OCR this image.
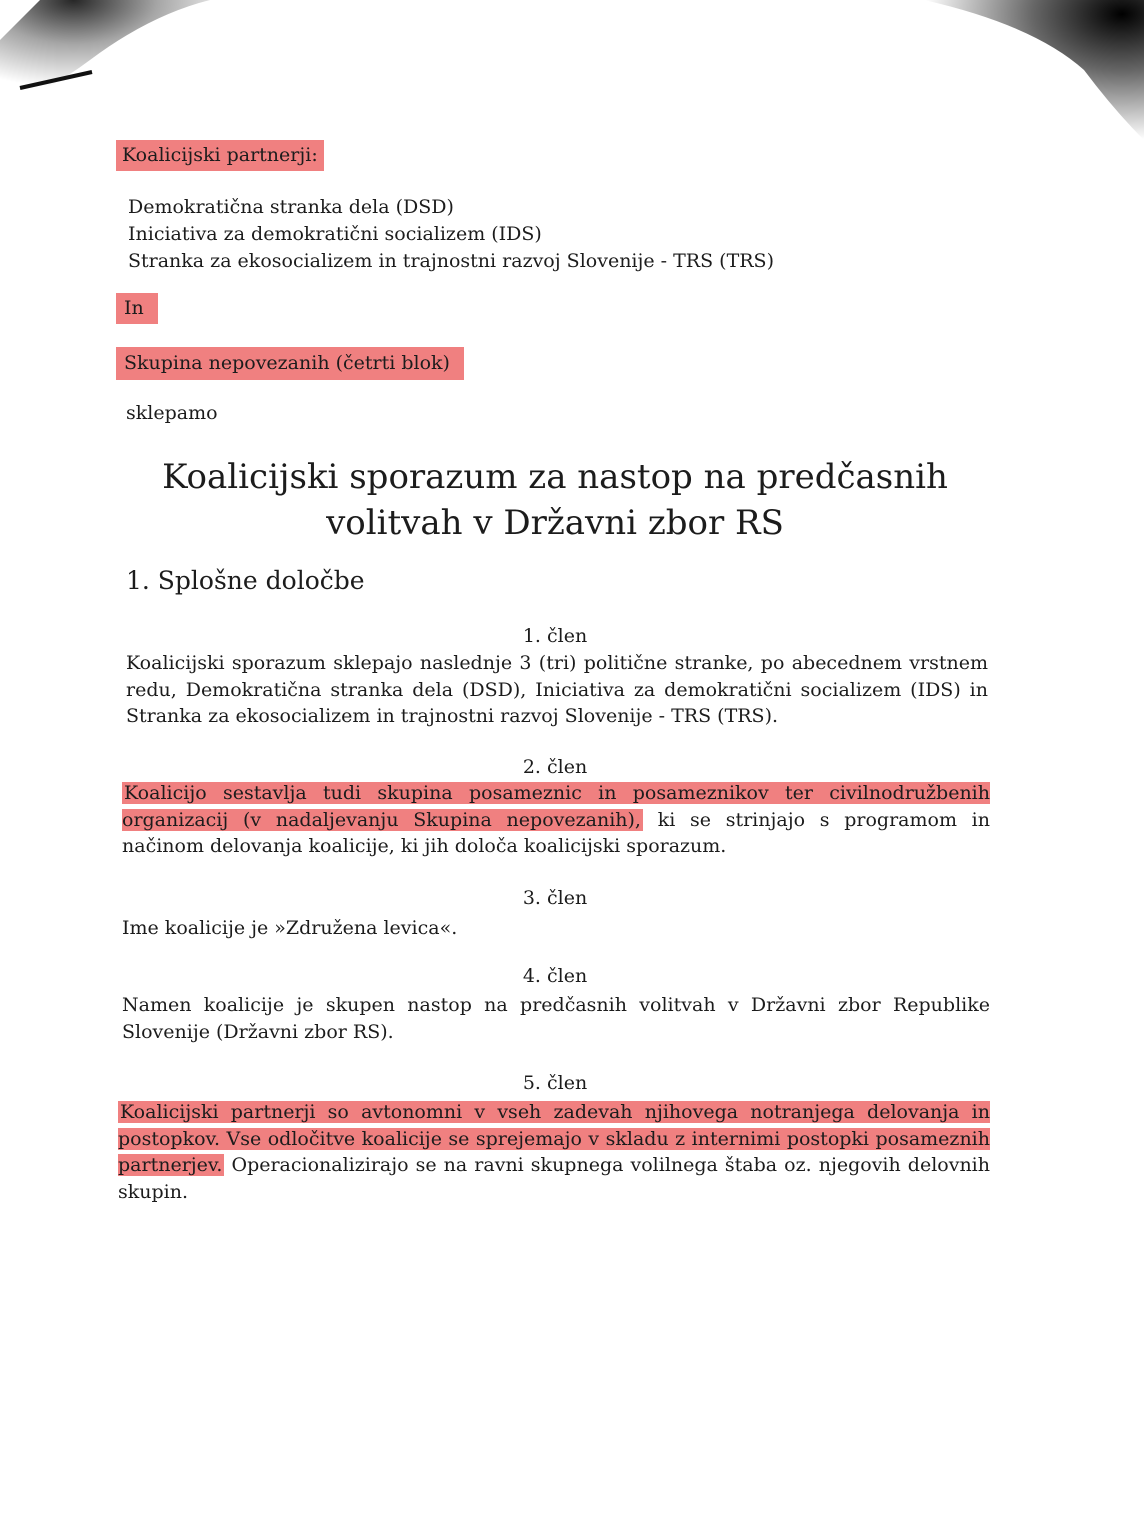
Koalicijski partnerji:
Demokratična stranka dela (DSD)
Iniciativa za demokratični socializem (IDS)
Stranka za ekosocializem in trajnostni razvoj Slovenije - TRS (TRS)
In
Skupina nepovezanih (četrti blok)
sklepamo
Koalicijski sporazum za nastop na predčasnih
volitvah v Državni zbor RS
1. Splošne določbe
1. člen
Koalicijski sporazum sklepajo naslednje 3 (tri) politične stranke, po abecednem vrstnem redu, Demokratična stranka dela (DSD), Iniciativa za demokratični socializem (IDS) in Stranka za ekosocializem in trajnostni razvoj Slovenije - TRS (TRS).
2. člen
Koalicijo sestavlja tudi skupina posameznic in posameznikov ter civilnodružbenih organizacij (v nadaljevanju Skupina nepovezanih), ki se strinjajo s programom in načinom delovanja koalicije, ki jih določa koalicijski sporazum.
3. člen
Ime koalicije je »Združena levica«.
4. člen
Namen koalicije je skupen nastop na predčasnih volitvah v Državni zbor Republike Slovenije (Državni zbor RS).
5. člen
Koalicijski partnerji so avtonomni v vseh zadevah njihovega notranjega delovanja in postopkov. Vse odločitve koalicije se sprejemajo v skladu z internimi postopki posameznih partnerjev. Operacionalizirajo se na ravni skupnega volilnega štaba oz. njegovih delovnih skupin.
